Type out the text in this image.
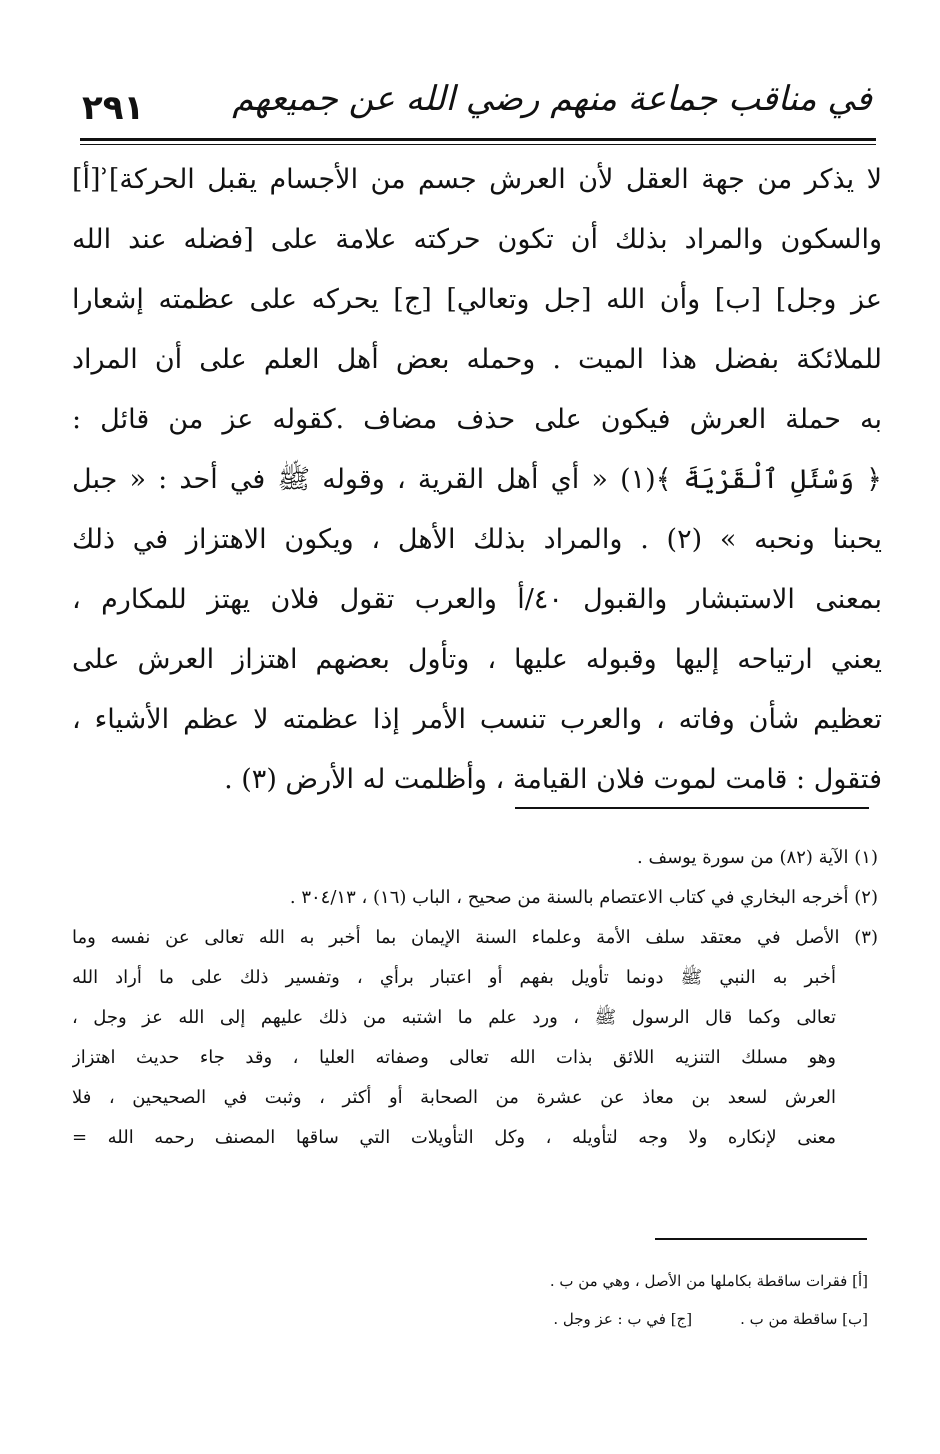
٢٩١	في مناقب جماعة منهم رضي الله عن جميعهم
لا يذكر من جهة العقل لأن العرش جسم من الأجسام يقبل الحركة]ʾ[أ]
والسكون والمراد بذلك أن تكون حركته علامة على [فضله عند الله
عز وجل] [ب] وأن الله [جل وتعالي] [ج] يحركه على عظمته إشعارا
للملائكة بفضل هذا الميت . وحمله بعض أهل العلم على أن المراد
به حملة العرش فيكون على حذف مضاف .كقوله عز من قائل :
﴿ وَسْئَلِ ٱلْقَرْيَةَ ﴾(١) « أي أهل القرية ، وقوله ﷺ في أحد : « جبل
يحبنا ونحبه » (٢) . والمراد بذلك الأهل ، ويكون الاهتزاز في ذلك
بمعنى الاستبشار والقبول ٤٠/أ والعرب تقول فلان يهتز للمكارم ،
يعني ارتياحه إليها وقبوله عليها ، وتأول بعضهم اهتزاز العرش على
تعظيم شأن وفاته ، والعرب تنسب الأمر إذا عظمته لا عظم الأشياء ،
فتقول : قامت لموت فلان القيامة ، وأظلمت له الأرض (٣) .
(١) الآية (٨٢) من سورة يوسف .
(٢) أخرجه البخاري في كتاب الاعتصام بالسنة من صحيح ، الباب (١٦) ، ٣٠٤/١٣ .
(٣) الأصل في معتقد سلف الأمة وعلماء السنة الإيمان بما أخبر به الله تعالى عن نفسه وما
أخبر به النبي ﷺ دونما تأويل بفهم أو اعتبار برأي ، وتفسير ذلك على ما أراد الله
تعالى وكما قال الرسول ﷺ ، ورد علم ما اشتبه من ذلك عليهم إلى الله عز وجل ،
وهو مسلك التنزيه اللائق بذات الله تعالى وصفاته العليا ، وقد جاء حديث اهتزاز
العرش لسعد بن معاذ عن عشرة من الصحابة أو أكثر ، وثبت في الصحيحين ، فلا
معنى لإنكاره ولا وجه لتأويله ، وكل التأويلات التي ساقها المصنف رحمه الله =
[أ] فقرات ساقطة بكاملها من الأصل ، وهي من ب .
[ب] ساقطة من ب .[ج] في ب : عز وجل .
